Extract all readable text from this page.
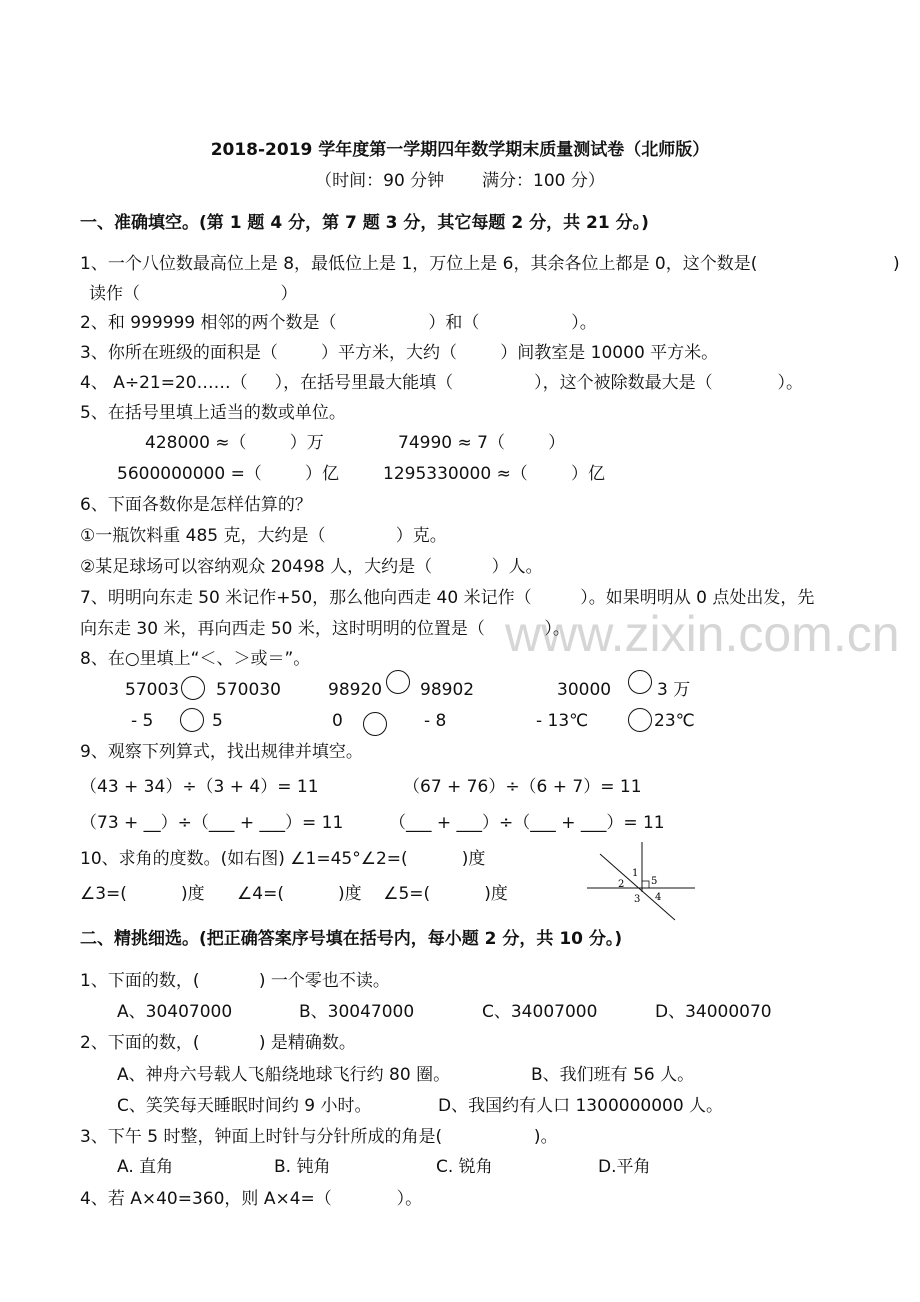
www.zixin.com.cn
2018-2019 学年度第一学期四年数学期末质量测试卷（北师版）
（时间：90 分钟       满分：100 分）
一、准确填空。(第 1 题 4 分，第 7 题 3 分，其它每题 2 分，共 21 分。)
1、一个八位数最高位上是 8，最低位上是 1，万位上是 6，其余各位上都是 0，这个数是(	)
读作（                          ）
2、和 999999 相邻的两个数是（                 ）和（                 ）。
3、你所在班级的面积是（        ）平方米，大约（        ）间教室是 10000 平方米。
4、 A÷21=20……（     ），在括号里最大能填（               ），这个被除数最大是（            ）。
5、在括号里填上适当的数或单位。
428000 ≈（        ）万	74990 ≈ 7（        ）
5600000000 =（        ）亿	1295330000 ≈（        ）亿
6、下面各数你是怎样估算的？
①一瓶饮料重 485 克，大约是（             ）克。
②某足球场可以容纳观众 20498 人，大约是（           ）人。
7、明明向东走 50 米记作+50，那么他向西走 40 米记作（         ）。如果明明从 0 点处出发，先
向东走 30 米，再向西走 50 米，这时明明的位置是（           ）。
8、在○里填上“＜、＞或＝”。
57003 570030	98920 98902	30000	3 万
- 5	5	0	- 8	- 13℃	23℃
9、观察下列算式，找出规律并填空。
（43 + 34）÷（3 + 4）= 11	（67 + 76）÷（6 + 7）= 11
（73 + __）÷（___ + ___）= 11	（___ + ___）÷（___ + ___）= 11
10、求角的度数。(如右图) ∠1=45°∠2=(          )度
∠3=(          )度      ∠4=(          )度    ∠5=(          )度
1
2	5
3 4
二、精挑细选。(把正确答案序号填在括号内，每小题 2 分，共 10 分。)
1、下面的数，(           ) 一个零也不读。
A、30407000	B、30047000	C、34007000	D、34000070
2、下面的数，(           ) 是精确数。
A、神舟六号载人飞船绕地球飞行约 80 圈。	B、我们班有 56 人。
C、笑笑每天睡眠时间约 9 小时。	D、我国约有人口 1300000000 人。
3、下午 5 时整，钟面上时针与分针所成的角是(                 )。
A. 直角	B. 钝角	C. 锐角	D.平角
4、若 A×40=360，则 A×4=（            ）。
